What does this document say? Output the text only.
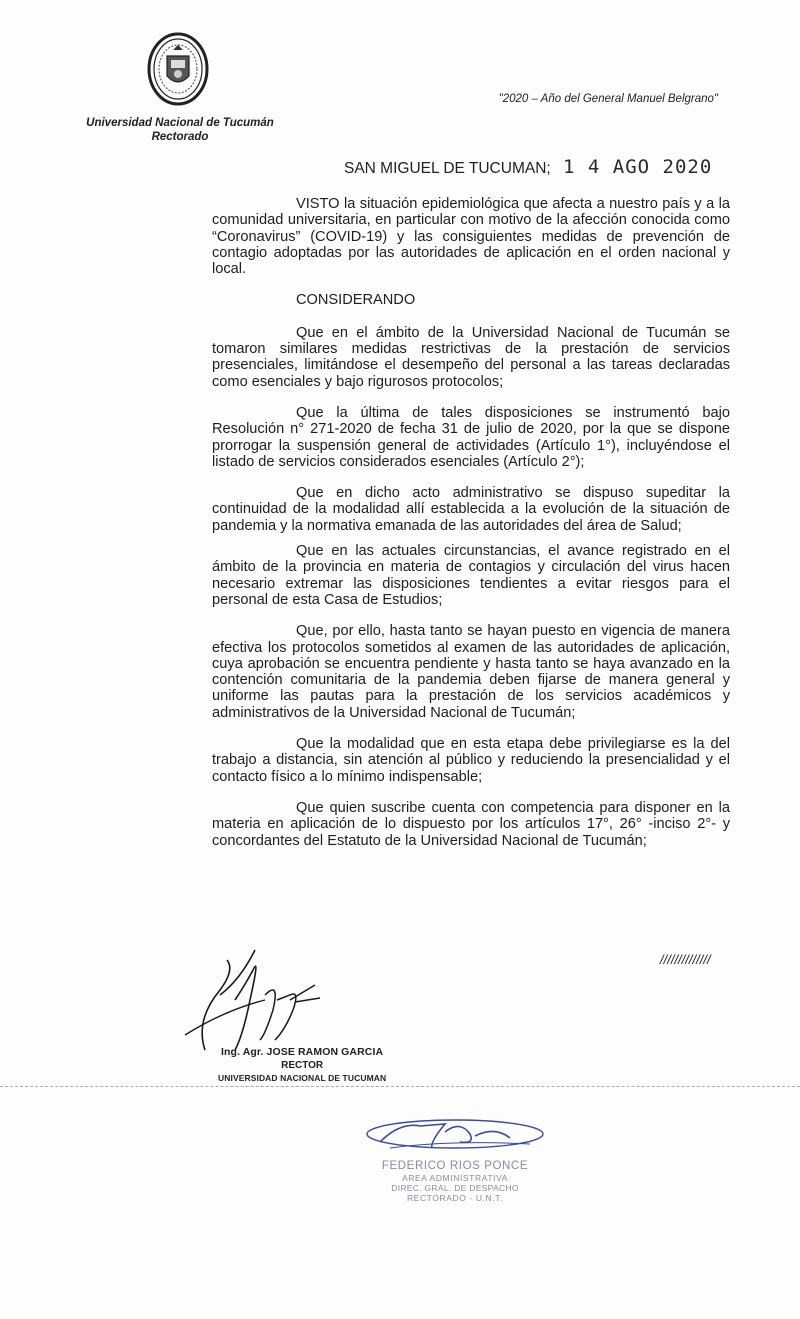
Universidad Nacional de Tucumán
Rectorado
"2020 – Año del General Manuel Belgrano"
SAN MIGUEL DE TUCUMAN; 1 4 AGO 2020

VISTO la situación epidemiológica que afecta a nuestro país y a la comunidad universitaria, en particular con motivo de la afección conocida como “Coronavirus” (COVID-19) y las consiguientes medidas de prevención de contagio adoptadas por las autoridades de aplicación en el orden nacional y local.

CONSIDERANDO

Que en el ámbito de la Universidad Nacional de Tucumán se tomaron similares medidas restrictivas de la prestación de servicios presenciales, limitándose el desempeño del personal a las tareas declaradas como esenciales y bajo rigurosos protocolos;

Que la última de tales disposiciones se instrumentó bajo Resolución n° 271-2020 de fecha 31 de julio de 2020, por la que se dispone prorrogar la suspensión general de actividades (Artículo 1°), incluyéndose el listado de servicios considerados esenciales (Artículo 2°);

Que en dicho acto administrativo se dispuso supeditar la continuidad de la modalidad allí establecida a la evolución de la situación de pandemia y la normativa emanada de las autoridades del área de Salud;

Que en las actuales circunstancias, el avance registrado en el ámbito de la provincia en materia de contagios y circulación del virus hacen necesario extremar las disposiciones tendientes a evitar riesgos para el personal de esta Casa de Estudios;

Que, por ello, hasta tanto se hayan puesto en vigencia de manera efectiva los protocolos sometidos al examen de las autoridades de aplicación, cuya aprobación se encuentra pendiente y hasta tanto se haya avanzado en la contención comunitaria de la pandemia deben fijarse de manera general y uniforme las pautas para la prestación de los servicios académicos y administrativos de la Universidad Nacional de Tucumán;

Que la modalidad que en esta etapa debe privilegiarse es la del trabajo a distancia, sin atención al público y reduciendo la presencialidad y el contacto físico a lo mínimo indispensable;

Que quien suscribe cuenta con competencia para disponer en la materia en aplicación de lo dispuesto por los artículos 17°, 26° -inciso 2°- y concordantes del Estatuto de la Universidad Nacional de Tucumán;

//////////////
Ing. Agr. JOSE RAMON GARCIA
RECTOR
UNIVERSIDAD NACIONAL DE TUCUMAN
FEDERICO RIOS PONCE
AREA ADMINISTRATIVA
DIREC. GRAL. DE DESPACHO
RECTORADO - U.N.T.
